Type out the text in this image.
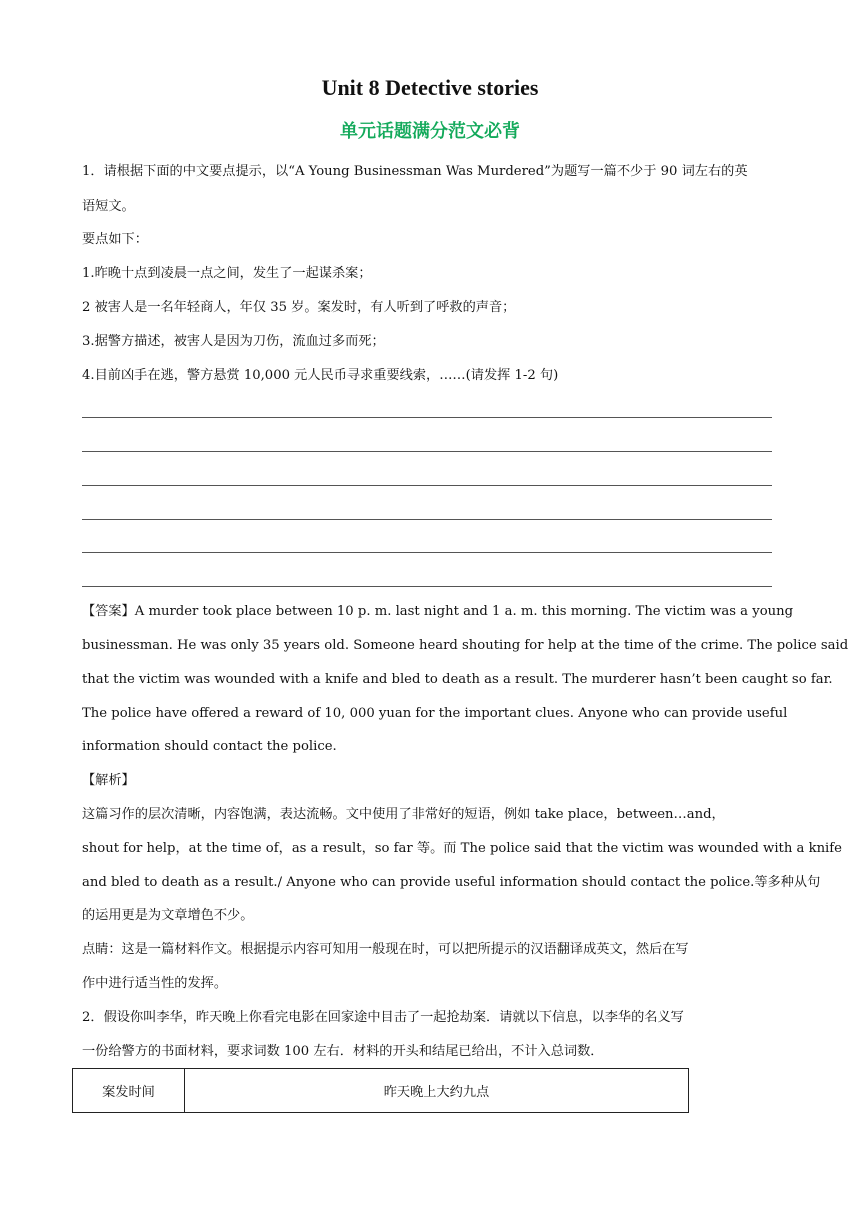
Unit 8 Detective stories
单元话题满分范文必背
1．请根据下面的中文要点提示，以“A Young Businessman Was Murdered”为题写一篇不少于 90 词左右的英
语短文。
要点如下：
1.昨晚十点到凌晨一点之间，发生了一起谋杀案；
2 被害人是一名年轻商人，年仅 35 岁。案发时，有人听到了呼救的声音；
3.据警方描述，被害人是因为刀伤，流血过多而死；
4.目前凶手在逃，警方悬赏 10,000 元人民币寻求重要线索，……(请发挥 1-2 句)
【答案】A murder took place between 10 p. m. last night and 1 a. m. this morning. The victim was a young
businessman. He was only 35 years old. Someone heard shouting for help at the time of the crime. The police said
that the victim was wounded with a knife and bled to death as a result. The murderer hasn’t been caught so far.
The police have offered a reward of 10, 000 yuan for the important clues. Anyone who can provide useful
information should contact the police.
【解析】
这篇习作的层次清晰，内容饱满，表达流畅。文中使用了非常好的短语，例如 take place，between…and，
shout for help，at the time of，as a result，so far 等。而 The police said that the victim was wounded with a knife
and bled to death as a result./ Anyone who can provide useful information should contact the police.等多种从句
的运用更是为文章增色不少。
点睛：这是一篇材料作文。根据提示内容可知用一般现在时，可以把所提示的汉语翻译成英文，然后在写
作中进行适当性的发挥。
2．假设你叫李华，昨天晚上你看完电影在回家途中目击了一起抢劫案．请就以下信息，以李华的名义写
一份给警方的书面材料，要求词数 100 左右．材料的开头和结尾已给出，不计入总词数．
案发时间	昨天晚上大约九点
